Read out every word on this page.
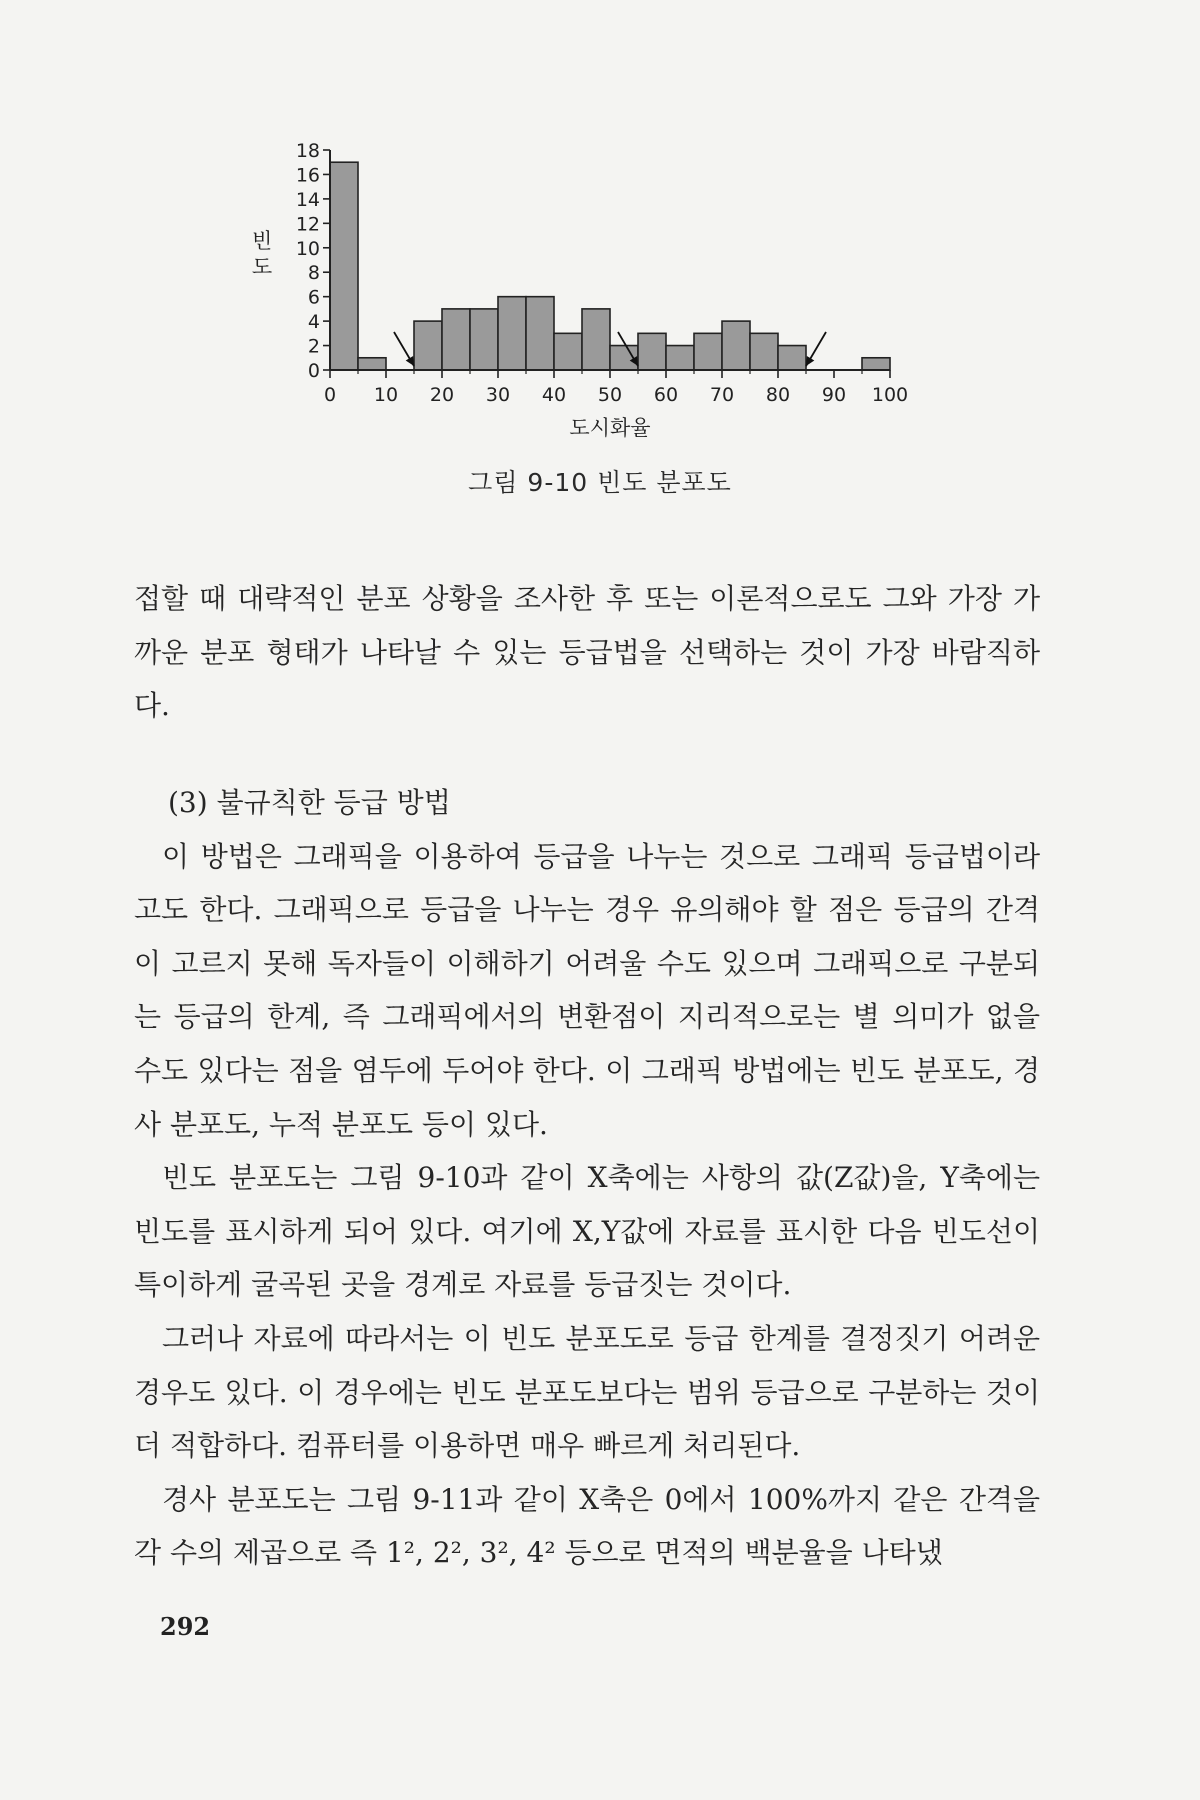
0
2
4
6
8
10
12
14
16
18
0 10 20 30 40 50 60 70 80 90 100
도시화율
빈 도
그림 9-10 빈도 분포도

접할 때 대략적인 분포 상황을 조사한 후 또는 이론적으로도 그와 가장 가까운 분포 형태가 나타날 수 있는 등급법을 선택하는 것이 가장 바람직하다.

(3) 불규칙한 등급 방법

이 방법은 그래픽을 이용하여 등급을 나누는 것으로 그래픽 등급법이라고도 한다. 그래픽으로 등급을 나누는 경우 유의해야 할 점은 등급의 간격이 고르지 못해 독자들이 이해하기 어려울 수도 있으며 그래픽으로 구분되는 등급의 한계, 즉 그래픽에서의 변환점이 지리적으로는 별 의미가 없을 수도 있다는 점을 염두에 두어야 한다. 이 그래픽 방법에는 빈도 분포도, 경사 분포도, 누적 분포도 등이 있다.

빈도 분포도는 그림 9-10과 같이 X축에는 사항의 값(Z값)을, Y축에는 빈도를 표시하게 되어 있다. 여기에 X,Y값에 자료를 표시한 다음 빈도선이 특이하게 굴곡된 곳을 경계로 자료를 등급짓는 것이다.

그러나 자료에 따라서는 이 빈도 분포도로 등급 한계를 결정짓기 어려운 경우도 있다. 이 경우에는 빈도 분포도보다는 범위 등급으로 구분하는 것이 더 적합하다. 컴퓨터를 이용하면 매우 빠르게 처리된다.

경사 분포도는 그림 9-11과 같이 X축은 0에서 100%까지 같은 간격을 각 수의 제곱으로 즉 1², 2², 3², 4² 등으로 면적의 백분율을 나타냈

292
